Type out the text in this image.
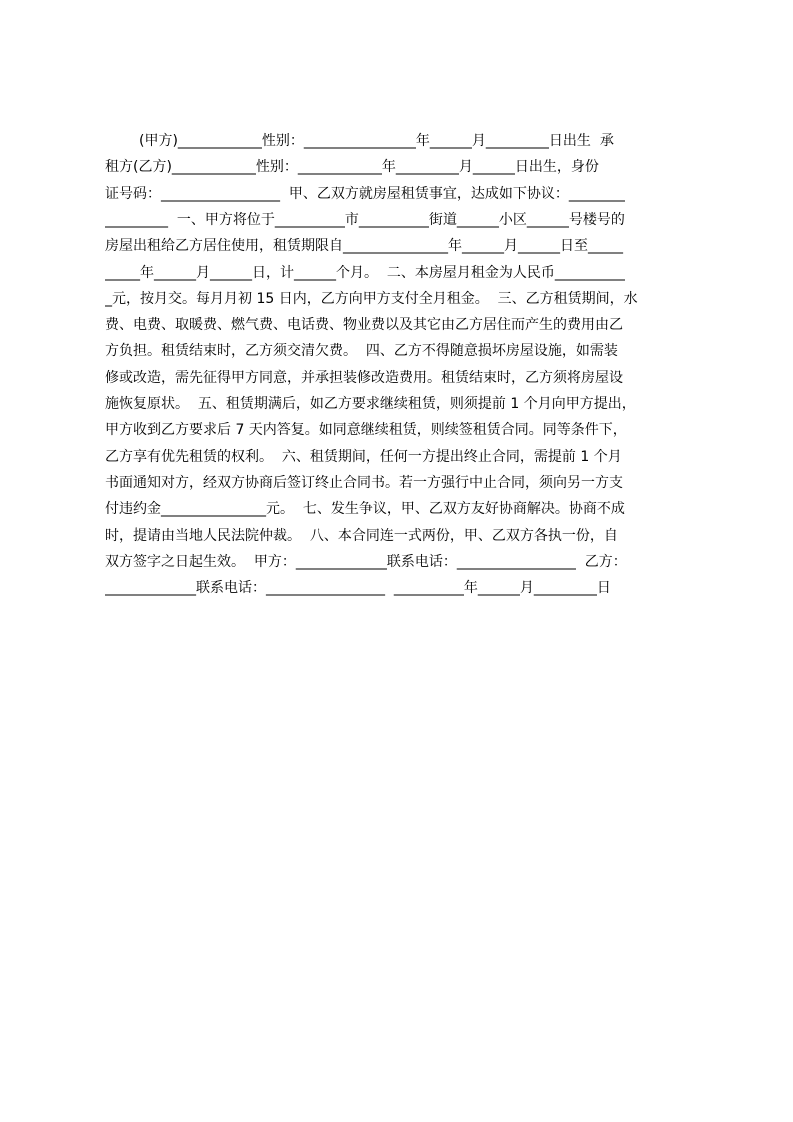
(甲方)____________性别：________________年______月_________日出生  承
租方(乙方)____________性别：____________年_________月______日出生，身份
证号码：_________________  甲、乙双方就房屋租赁事宜，达成如下协议：________
_________  一、甲方将位于__________市__________街道______小区______号楼号的
房屋出租给乙方居住使用，租赁期限自_______________年______月______日至_____
_____年______月______日，计______个月。  二、本房屋月租金为人民币__________
_元，按月交。每月月初 15 日内，乙方向甲方支付全月租金。  三、乙方租赁期间，水
费、电费、取暖费、燃气费、电话费、物业费以及其它由乙方居住而产生的费用由乙
方负担。租赁结束时，乙方须交清欠费。  四、乙方不得随意损坏房屋设施，如需装
修或改造，需先征得甲方同意，并承担装修改造费用。租赁结束时，乙方须将房屋设
施恢复原状。  五、租赁期满后，如乙方要求继续租赁，则须提前 1 个月向甲方提出，
甲方收到乙方要求后 7 天内答复。如同意继续租赁，则续签租赁合同。同等条件下，
乙方享有优先租赁的权利。  六、租赁期间，任何一方提出终止合同，需提前 1 个月
书面通知对方，经双方协商后签订终止合同书。若一方强行中止合同，须向另一方支
付违约金_______________元。  七、发生争议，甲、乙双方友好协商解决。协商不成
时，提请由当地人民法院仲裁。  八、本合同连一式两份，甲、乙双方各执一份，自
双方签字之日起生效。  甲方：_____________联系电话：_________________  乙方：
_____________联系电话：_________________  __________年______月_________日
